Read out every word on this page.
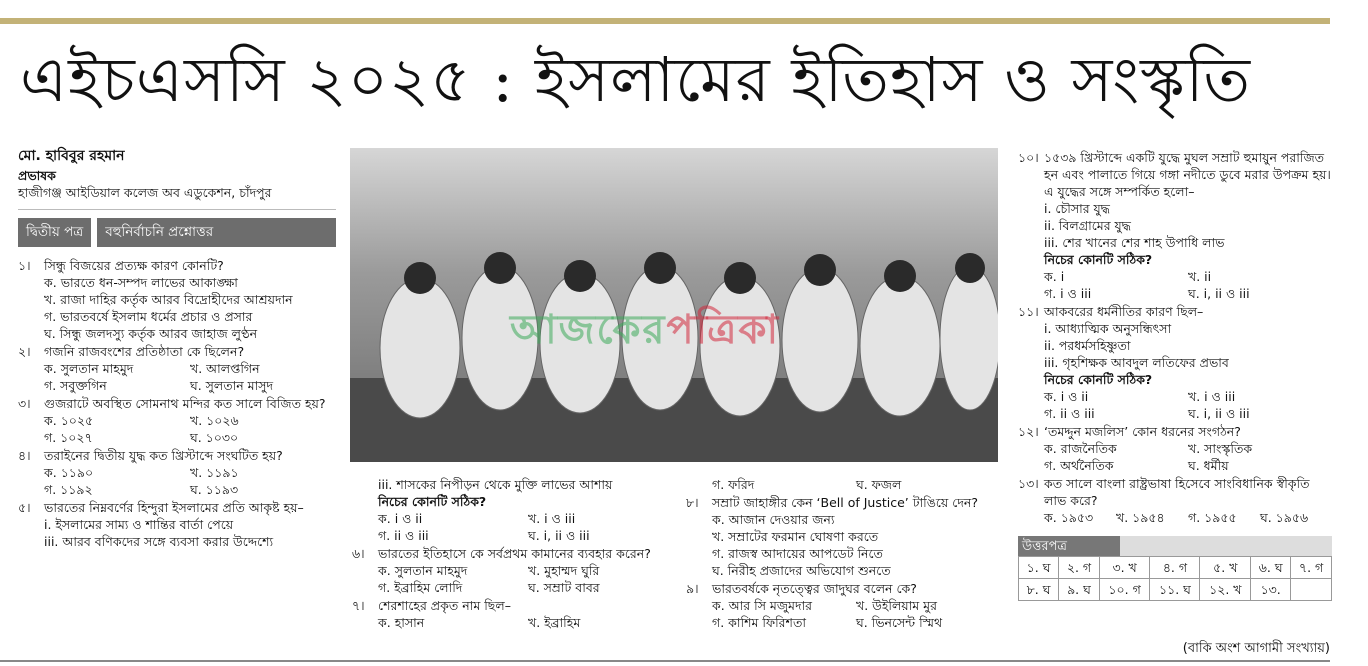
এইচএসসি ২০২৫ : ইসলামের ইতিহাস ও সংস্কৃতি
মো. হাবিবুর রহমান
প্রভাষক
হাজীগঞ্জ আইডিয়াল কলেজ অব এডুকেশন, চাঁদপুর
দ্বিতীয় পত্র	বহুনির্বাচনি প্রশ্নোত্তর
১।	সিন্ধু বিজয়ের প্রত্যক্ষ কারণ কোনটি?
ক. ভারতে ধন-সম্পদ লাভের আকাঙ্ক্ষা
খ. রাজা দাহির কর্তৃক আরব বিদ্রোহীদের আশ্রয়দান
গ. ভারতবর্ষে ইসলাম ধর্মের প্রচার ও প্রসার
ঘ. সিন্ধু জলদস্যু কর্তৃক আরব জাহাজ লুণ্ঠন
২।	গজনি রাজবংশের প্রতিষ্ঠাতা কে ছিলেন?
ক. সুলতান মাহমুদ	খ. আলপ্তগিন
গ. সবুক্তগিন	ঘ. সুলতান মাসুদ
৩।	গুজরাটে অবস্থিত সোমনাথ মন্দির কত সালে বিজিত হয়?
ক. ১০২৫	খ. ১০২৬
গ. ১০২৭	ঘ. ১০৩০
৪।	তরাইনের দ্বিতীয় যুদ্ধ কত খ্রিস্টাব্দে সংঘটিত হয়?
ক. ১১৯০	খ. ১১৯১
গ. ১১৯২	ঘ. ১১৯৩
৫।	ভারতের নিম্নবর্ণের হিন্দুরা ইসলামের প্রতি আকৃষ্ট হয়–
i. ইসলামের সাম্য ও শান্তির বার্তা পেয়ে
iii. আরব বণিকদের সঙ্গে ব্যবসা করার উদ্দেশ্যে
আজকেরপত্রিকা
iii. শাসকের নিপীড়ন থেকে মুক্তি লাভের আশায়
নিচের কোনটি সঠিক?
ক. i ও ii	খ. i ও iii
গ. ii ও iii	ঘ. i, ii ও iii
৬।	ভারতের ইতিহাসে কে সর্বপ্রথম কামানের ব্যবহার করেন?
ক. সুলতান মাহমুদ	খ. মুহাম্মদ ঘুরি
গ. ইব্রাহিম লোদি	ঘ. সম্রাট বাবর
৭।	শেরশাহের প্রকৃত নাম ছিল–
ক. হাসান	খ. ইব্রাহিম
গ. ফরিদ	ঘ. ফজল
৮।	সম্রাট জাহাঙ্গীর কেন ‘Bell of Justice’ টাঙিয়ে দেন?
ক. আজান দেওয়ার জন্য
খ. সম্রাটের ফরমান ঘোষণা করতে
গ. রাজস্ব আদায়ের আপডেট নিতে
ঘ. নিরীহ প্রজাদের অভিযোগ শুনতে
৯।	ভারতবর্ষকে নৃতত্ত্বের জাদুঘর বলেন কে?
ক. আর সি মজুমদার	খ. উইলিয়াম মুর
গ. কাশিম ফিরিশতা	ঘ. ভিনসেন্ট স্মিথ
১০। ১৫৩৯ খ্রিস্টাব্দে একটি যুদ্ধে মুঘল সম্রাট হুমায়ুন পরাজিত হন এবং পালাতে গিয়ে গঙ্গা নদীতে ডুবে মরার উপক্রম হয়। এ যুদ্ধের সঙ্গে সম্পর্কিত হলো–
i. চৌসার যুদ্ধ
ii. বিলগ্রামের যুদ্ধ
iii. শের খানের শের শাহ উপাধি লাভ
নিচের কোনটি সঠিক?
ক. i	খ. ii
গ. i ও iii	ঘ. i, ii ও iii
১১। আকবরের ধর্মনীতির কারণ ছিল–
i. আধ্যাত্মিক অনুসন্ধিৎসা
ii. পরধর্মসহিষ্ণুতা
iii. গৃহশিক্ষক আবদুল লতিফের প্রভাব
নিচের কোনটি সঠিক?
ক. i ও ii	খ. i ও iii
গ. ii ও iii	ঘ. i, ii ও iii
১২। ‘তমদ্দুন মজলিস’ কোন ধরনের সংগঠন?
ক. রাজনৈতিক	খ. সাংস্কৃতিক
গ. অর্থনৈতিক	ঘ. ধর্মীয়
১৩। কত সালে বাংলা রাষ্ট্রভাষা হিসেবে সাংবিধানিক স্বীকৃতি লাভ করে?
ক. ১৯৫৩	খ. ১৯৫৪	গ. ১৯৫৫	ঘ. ১৯৫৬
উত্তরপত্র
১. ঘ	২. গ	৩. খ	৪. গ	৫. খ	৬. ঘ	৭. গ
৮. ঘ	৯. ঘ	১০. গ	১১. ঘ	১২. খ	১৩.	
(বাকি অংশ আগামী সংখ্যায়)
